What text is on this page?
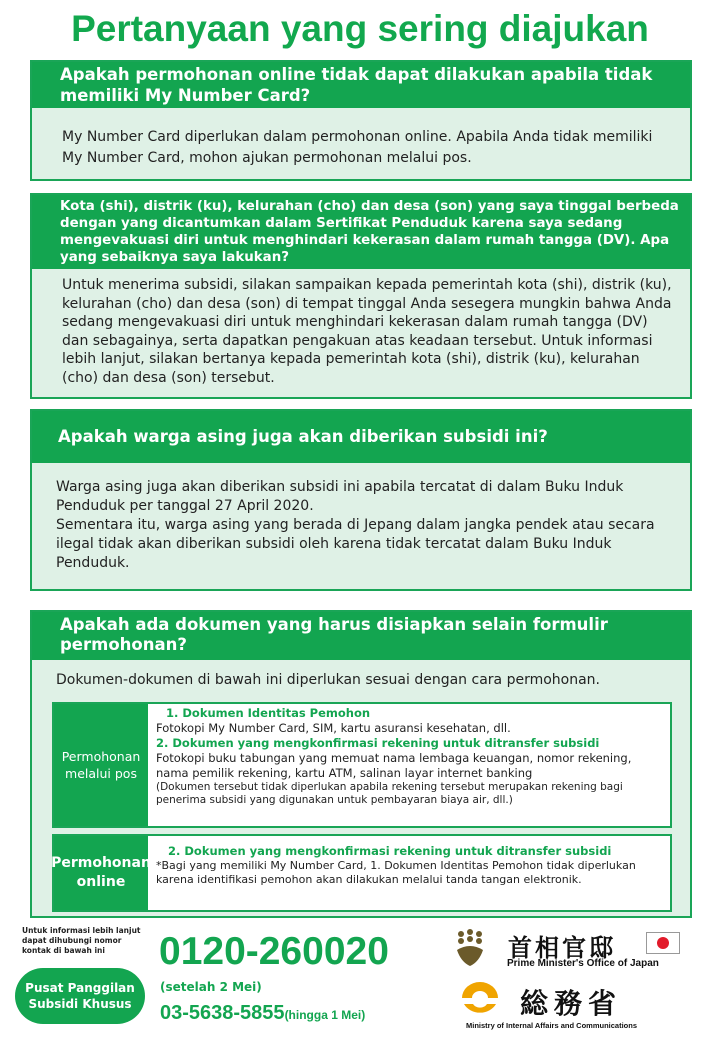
Pertanyaan yang sering diajukan
Apakah permohonan online tidak dapat dilakukan apabila tidak memiliki My Number Card?
My Number Card diperlukan dalam permohonan online. Apabila Anda tidak memiliki My Number Card, mohon ajukan permohonan melalui pos.
Kota (shi), distrik (ku), kelurahan (cho) dan desa (son) yang saya tinggal berbeda dengan yang dicantumkan dalam Sertifikat Penduduk karena saya sedang mengevakuasi diri untuk menghindari kekerasan dalam rumah tangga (DV). Apa yang sebaiknya saya lakukan?
Untuk menerima subsidi, silakan sampaikan kepada pemerintah kota (shi), distrik (ku), kelurahan (cho) dan desa (son) di tempat tinggal Anda sesegera mungkin bahwa Anda sedang mengevakuasi diri untuk menghindari kekerasan dalam rumah tangga (DV) dan sebagainya, serta dapatkan pengakuan atas keadaan tersebut. Untuk informasi lebih lanjut, silakan bertanya kepada pemerintah kota (shi), distrik (ku), kelurahan (cho) dan desa (son) tersebut.
Apakah warga asing juga akan diberikan subsidi ini?
Warga asing juga akan diberikan subsidi ini apabila tercatat di dalam Buku Induk Penduduk per tanggal 27 April 2020.
Sementara itu, warga asing yang berada di Jepang dalam jangka pendek atau secara ilegal tidak akan diberikan subsidi oleh karena tidak tercatat dalam Buku Induk Penduduk.
Apakah ada dokumen yang harus disiapkan selain formulir permohonan?
Dokumen-dokumen di bawah ini diperlukan sesuai dengan cara permohonan.
Permohonan melalui pos
1. Dokumen Identitas Pemohon
Fotokopi My Number Card, SIM, kartu asuransi kesehatan, dll.
2. Dokumen yang mengkonfirmasi rekening untuk ditransfer subsidi
Fotokopi buku tabungan yang memuat nama lembaga keuangan, nomor rekening, nama pemilik rekening, kartu ATM, salinan layar internet banking
(Dokumen tersebut tidak diperlukan apabila rekening tersebut merupakan rekening bagi penerima subsidi yang digunakan untuk pembayaran biaya air, dll.)
Permohonan online
2. Dokumen yang mengkonfirmasi rekening untuk ditransfer subsidi
*Bagi yang memiliki My Number Card, 1. Dokumen Identitas Pemohon tidak diperlukan karena identifikasi pemohon akan dilakukan melalui tanda tangan elektronik.
Untuk informasi lebih lanjut dapat dihubungi nomor kontak di bawah ini
Pusat Panggilan Subsidi Khusus
0120-260020
(setelah 2 Mei)
03-5638-5855(hingga 1 Mei)
首相官邸
Prime Minister's Office of Japan
総務省
Ministry of Internal Affairs and Communications
